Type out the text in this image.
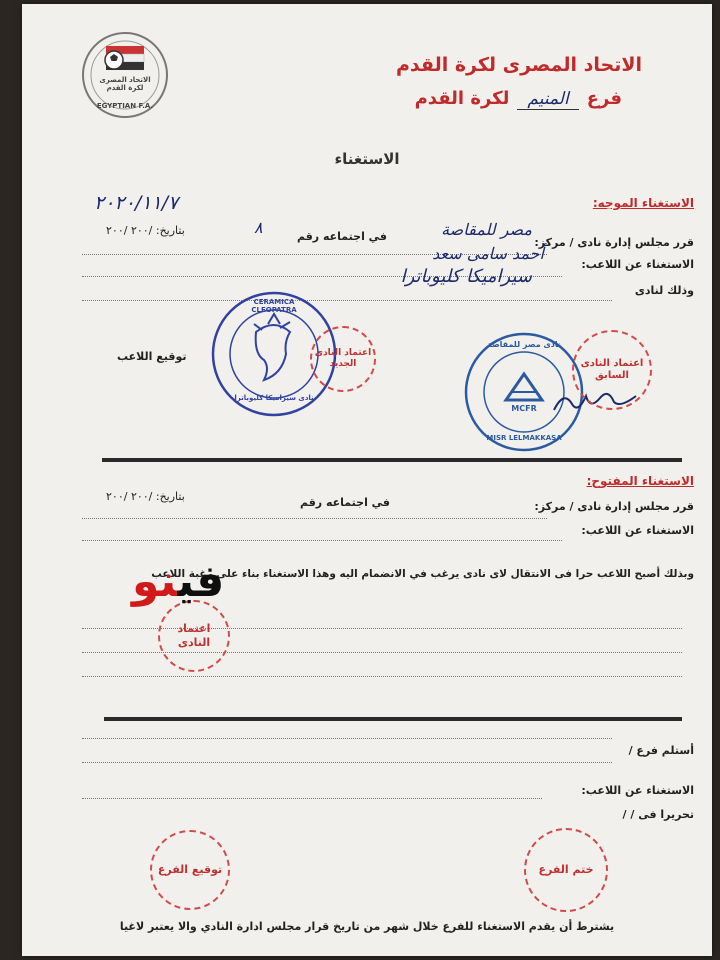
الاتحاد المصرى لكرة القدم
EGYPTIAN F.A.
الاتحاد المصرى لكرة القدم
فرع
المنيم
لكرة القدم
الاستغناء
الاستغناء الموجه:
٢٠٢٠/١١/٧
قرر مجلس إدارة نادى / مركز:
مصر للمقاصة
في اجتماعه رقم
٨
بتاريخ: /٢٠٠ /٢٠٠
الاستغناء عن اللاعب:
أحمد سامى سعد
وذلك لنادى
سيراميكا كليوباترا
توقيع اللاعب
CERAMICA CLEOPATRA
نادى سيراميكا كليوباترا
اعتماد النادى الجديد
MCFR
نادى مصر للمقاصة
MISR LELMAKKASA
اعتماد النادى السابق
الاستغناء المفتوح:
قرر مجلس إدارة نادى / مركز:
في اجتماعه رقم
بتاريخ: /٢٠٠ /٢٠٠
الاستغناء عن اللاعب:
وبذلك أصبح اللاعب حرا فى الانتقال لاى نادى يرغب في الانضمام اليه وهذا الاستغناء بناء على رغبة اللاعب
اعتماد النادى
فينو
أستلم فرع /
الاستغناء عن اللاعب:
تحريرا فى / /
توقيع الفرع	ختم الفرع
يشترط أن يقدم الاستغناء للفرع خلال شهر من تاريخ قرار مجلس ادارة النادي والا يعتبر لاغيا
